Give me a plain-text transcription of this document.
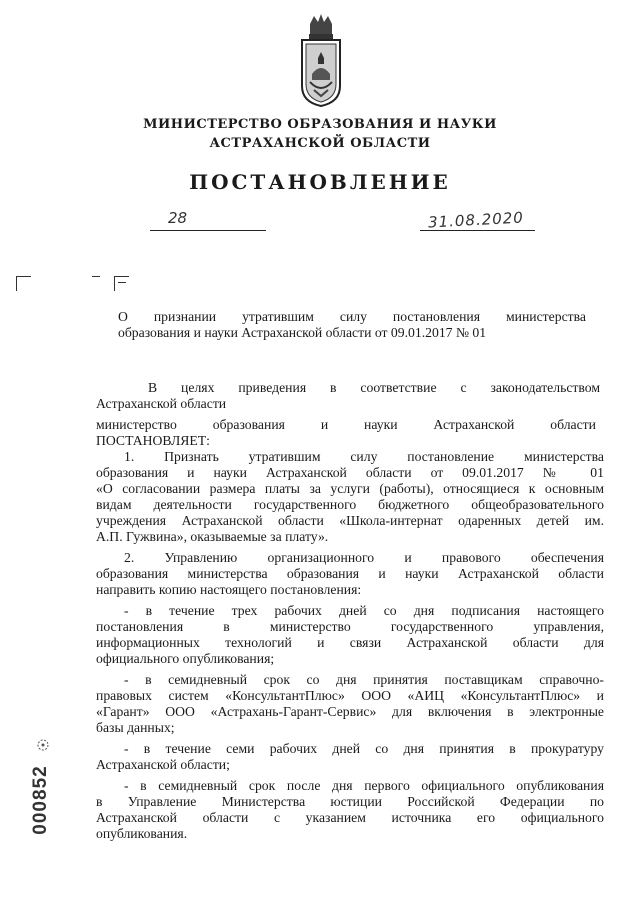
МИНИСТЕРСТВО ОБРАЗОВАНИЯ И НАУКИ
АСТРАХАНСКОЙ ОБЛАСТИ
ПОСТАНОВЛЕНИЕ
28	31.08.2020
О признании утратившим силу постановления министерства
образования и науки Астраханской области от 09.01.2017 № 01
В целях приведения в соответствие с законодательством
Астраханской области
министерство образования и науки Астраханской области
ПОСТАНОВЛЯЕТ:
1. Признать утратившим силу постановление министерства
образования и науки Астраханской области от 09.01.2017 № 01
«О согласовании размера платы за услуги (работы), относящиеся к основным
видам деятельности государственного бюджетного общеобразовательного
учреждения Астраханской области «Школа-интернат одаренных детей им.
А.П. Гужвина», оказываемые за плату».
2. Управлению организационного и правового обеспечения
образования министерства образования и науки Астраханской области
направить копию настоящего постановления:
- в течение трех рабочих дней со дня подписания настоящего
постановления в министерство государственного управления,
информационных технологий и связи Астраханской области для
официального опубликования;
- в семидневный срок со дня принятия поставщикам справочно-
правовых систем «КонсультантПлюс» ООО «АИЦ «КонсультантПлюс» и
«Гарант» ООО «Астрахань-Гарант-Сервис» для включения в электронные
базы данных;
- в течение семи рабочих дней со дня принятия в прокуратуру
Астраханской области;
- в семидневный срок после дня первого официального опубликования
в Управление Министерства юстиции Российской Федерации по
Астраханской области с указанием источника его официального
опубликования.
000852
